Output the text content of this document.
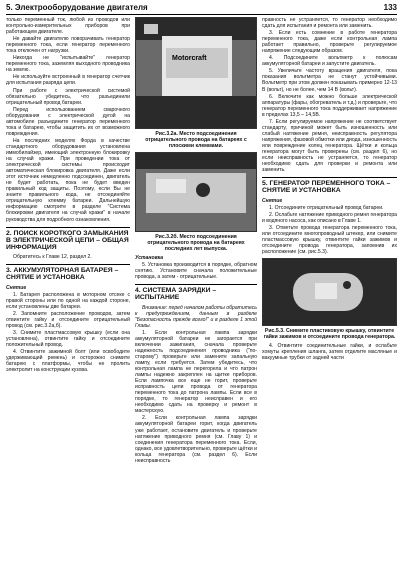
5. Электрооборудование двигателя	133

только переменный ток, любой из проводов или контрольно-измерительных приборов при работающем двигателе.

Не давайте двигателю поворачивать генератор переменного тока, если генератор переменного тока отключен от нагрузки.

Никогда не "испытывайте" генератор переменного тока, заземляя выходного проводника на землю.

Не используйте встроенный в генератор счетчик для испытания разряда цепи.

При работе с электрической системой обязательно убедитесь, что разъединили отрицательный провод батареи.

Перед использованием сварочного оборудования с электрической дугой на автомобиле разъедините генератор переменного тока и батарею, чтобы защитить их от возможного повреждения.

На последних моделях Форда в качестве стандартного оборудования установлена иммобилайзер, имеющий электронную блокировку на случай кражи. При проведении тока от электрической системы происходит автоматическая блокировка двигателя. Даже если этот источник немедленно подсоединен, двигатель не будет работать, пока не будет введен правильный код защиты. Поэтому, если Вы не знаете правильного кода, не отсоединяйте отрицательную клемму батареи. Дальнейшую информацию смотрите в разделе "Система блокировки двигателя на случай кражи" в начале руководства для подробного ознакомления.

2. ПОИСК КОРОТКОГО ЗАМЫКАНИЯ В ЭЛЕКТРИЧЕСКОЙ ЦЕПИ – ОБЩАЯ ИНФОРМАЦИЯ

Обратитесь к Главе 12, раздел 2.

3. АККУМУЛЯТОРНАЯ БАТАРЕЯ – СНЯТИЕ И УСТАНОВКА
Снятие

1. Батарея расположена в моторном отсеке с правой стороны или по одной на каждой стороне, если установлены две батареи.

2. Запомните расположение проводов, затем отвинтите гайку и отсоедините отрицательный провод (см. рис.3.2а,б).

3. Снимите пластмассовую крышку (если она установлена), отвинтите гайку и отсоедините положительный провод.

4. Отвинтите зажимной болт (или освободите удерживающий ремень) и осторожно снимите батарею с платформы, чтобы не пролить электролит на конструкции кузова.

Motorcraft
Рис.3.2а. Место подсоединения отрицательного провода на батареях с плоскими клеммами.
Рис.3.2б. Место подсоединения отрицательного провода на батареях последних лет выпуска.
Установка

5. Установка производится в порядке, обратном снятию. Установите сначала положительные провода, а затем - отрицательные.

4. СИСТЕМА ЗАРЯДКИ – ИСПЫТАНИЕ

Внимание: перед началом работы обратитесь к предупреждениям, данным в разделе "Безопасность прежде всего!" и в разделе 1 этой Главы.

1. Если контрольная лампа зарядки аккумуляторной батареи не загорается при включении зажигания, сначала проверьте надежность подсоединения проводника ("по-старому") проверьте или замените запальную лампу, если требуется. Затем убедитесь, что контрольная лампа не перегорела и что патрон лампы надежно закреплен на щитке приборов. Если лампочка все еще не горит, проверьте исправность цепи провода от генератора переменного тока до патрона лампы. Если все в порядке, то генератор неисправен и его необходимо сдать на проверку и ремонт в мастерскую.

2. Если контрольная лампа зарядки аккумуляторной батареи горит, когда двигатель уже работает, остановите двигатель и проверьте натяжение приводного ремня (см. Главу 1) и соединения генератора переменного тока. Если, однако, все удовлетворительно, проверьте щётки и кольца генератора (см. раздел 6). Если неисправность

правность не устраняется, то генератор необходимо сдать для испытания и ремонта или заменить.

3. Если есть сомнение в работе генератора переменного тока, даже если контрольная лампа работает правильно, проверьте регулируемое напряжение следующим образом.

4. Подсоедините вольтметр к полюсам аккумуляторной батареи и запустите двигатель.

5. Увеличьте частоту вращения двигателя, пока показания вольтметра не станут устойчивыми. Вольтметр при этом должен показывать примерно 12-13 В (вольт), но не более, чем 14 В (вольт).

6. Включите как можно больше электрической аппаратуры (фары, обогреватель и т.д.) и проверьте, что генератор переменного тока поддерживает напряжение в пределах 13,5 – 14,5В.

7. Если регулируемое напряжение не соответствует стандарту, причиной может быть изношенность или слабый натяжение ремня, неисправность регулятора напряжения, фазовой обмотки или диода, изношенность или повреждение колец генератора. Щётки и кольца генератора могут быть проверены (см. раздел 6), но если неисправность не устраняется, то генератор необходимо сдать для проверки и ремонта или заменить.

5. ГЕНЕРАТОР ПЕРЕМЕННОГО ТОКА – СНЯТИЕ И УСТАНОВКА
Снятие

1. Отсоедините отрицательный провод батареи.

2. Ослабьте натяжение приводного ремня генератора и водяного насоса, как описано в Главе 1.

3. Отметьте провода генератора переменного тока, или отсоедините многопроводный штекер, или снимите пластмассовую крышку, отвинтите гайки зажимов и отсоедините провода генератора, запомнив их расположение (см. рис.5.3).

Рис.5.3. Снимите пластиковую крышку, отвинтите гайки зажимов и отсоедините провода генератора.

4. Отвинтите соединительные гайки, и ослабьте хомуты крепления шланга, затем отделите масляные и вакуумные трубки от задней части
